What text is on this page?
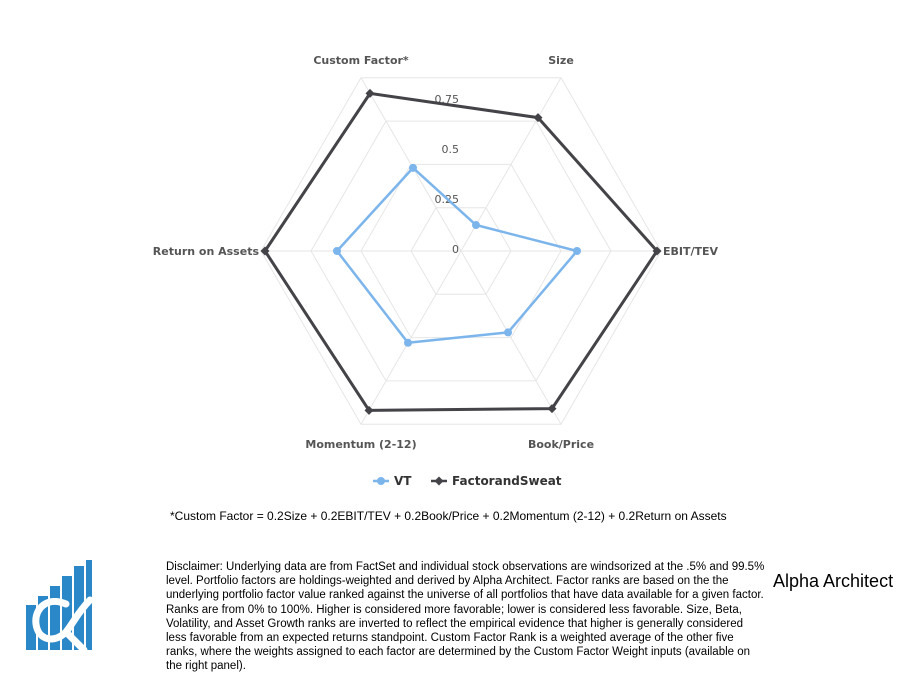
0
0.25
0.5
0.75
Custom Factor*	Size
EBIT/TEV
Book/Price
Momentum (2-12)
Return on Assets
VT	FactorandSweat
*Custom Factor = 0.2Size + 0.2EBIT/TEV + 0.2Book/Price + 0.2Momentum (2-12) + 0.2Return on Assets
Disclaimer: Underlying data are from FactSet and individual stock observations are windsorized at the .5% and 99.5% level. Portfolio factors are holdings-weighted and derived by Alpha Architect. Factor ranks are based on the the underlying portfolio factor value ranked against the universe of all portfolios that have data available for a given factor. Ranks are from 0% to 100%. Higher is considered more favorable; lower is considered less favorable. Size, Beta, Volatility, and Asset Growth ranks are inverted to reflect the empirical evidence that higher is generally considered less favorable from an expected returns standpoint. Custom Factor Rank is a weighted average of the other five ranks, where the weights assigned to each factor are determined by the Custom Factor Weight inputs (available on the right panel).
Alpha Architect
